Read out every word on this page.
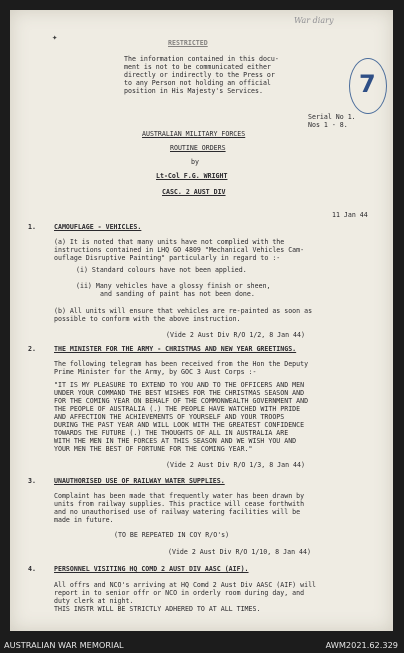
War diary
7
RESTRICTED
✦
The information contained in this docu-
ment is not to be communicated either
directly or indirectly to the Press or
to any Person not holding an official
position in His Majesty's Services.
Serial No 1.
Nos 1 - 8.
AUSTRALIAN MILITARY FORCES
ROUTINE ORDERS
by
Lt-Col F.G. WRIGHT
CASC. 2 AUST DIV
11 Jan 44
1.	CAMOUFLAGE - VEHICLES.
(a) It is noted that many units have not complied with the
instructions contained in LHQ GO 4809 "Mechanical Vehicles Cam-
ouflage Disruptive Painting" particularly in regard to :-
(i) Standard colours have not been applied.
(ii) Many vehicles have a glossy finish or sheen,
and sanding of paint has not been done.
(b) All units will ensure that vehicles are re-painted as soon as
possible to conform with the above instruction.
(Vide 2 Aust Div R/O 1/2, 8 Jan 44)
2.	THE MINISTER FOR THE ARMY - CHRISTMAS AND NEW YEAR GREETINGS.
The following telegram has been received from the Hon the Deputy
Prime Minister for the Army, by GOC 3 Aust Corps :-
"IT IS MY PLEASURE TO EXTEND TO YOU AND TO THE OFFICERS AND MEN
UNDER YOUR COMMAND THE BEST WISHES FOR THE CHRISTMAS SEASON AND
FOR THE COMING YEAR ON BEHALF OF THE COMMONWEALTH GOVERNMENT AND
THE PEOPLE OF AUSTRALIA (.) THE PEOPLE HAVE WATCHED WITH PRIDE
AND AFFECTION THE ACHIEVEMENTS OF YOURSELF AND YOUR TROOPS
DURING THE PAST YEAR AND WILL LOOK WITH THE GREATEST CONFIDENCE
TOWARDS THE FUTURE (.) THE THOUGHTS OF ALL IN AUSTRALIA ARE
WITH THE MEN IN THE FORCES AT THIS SEASON AND WE WISH YOU AND
YOUR MEN THE BEST OF FORTUNE FOR THE COMING YEAR."
(Vide 2 Aust Div R/O 1/3, 8 Jan 44)
3.	UNAUTHORISED USE OF RAILWAY WATER SUPPLIES.
Complaint has been made that frequently water has been drawn by
units from railway supplies. This practice will cease forthwith
and no unauthorised use of railway watering facilities will be
made in future.
(TO BE REPEATED IN COY R/O's)
(Vide 2 Aust Div R/O 1/10, 8 Jan 44)
4.	PERSONNEL VISITING HQ COMD 2 AUST DIV AASC (AIF).
All offrs and NCO's arriving at HQ Comd 2 Aust Div AASC (AIF) will
report in to senior offr or NCO in orderly room during day, and
duty clerk at night.
THIS INSTR WILL BE STRICTLY ADHERED TO AT ALL TIMES.
AUSTRALIAN WAR MEMORIAL	AWM2021.62.329
